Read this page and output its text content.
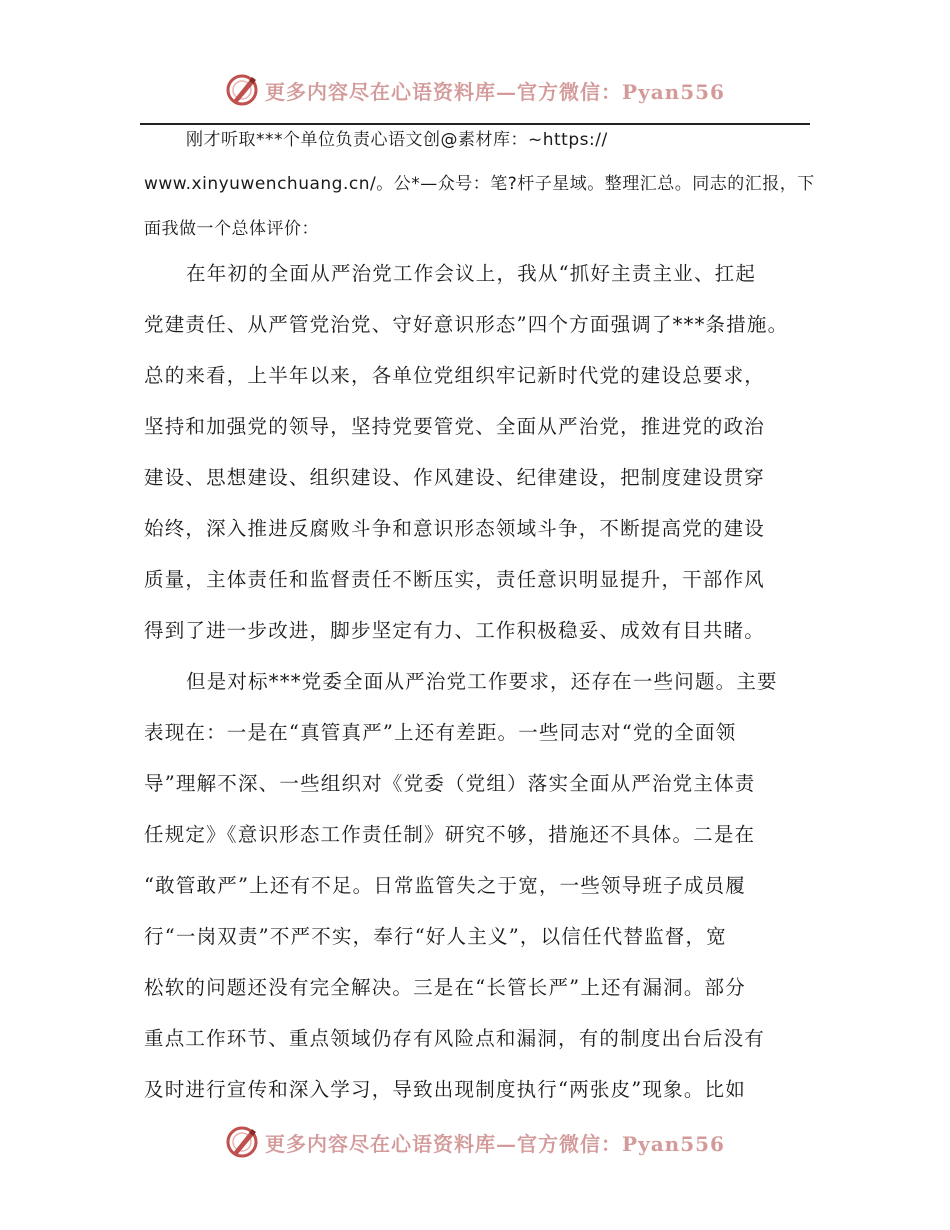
更多内容尽在心语资料库—官方微信：Pyan556
刚才听取***个单位负责心语文创@素材库：~https://
www.xinyuwenchuang.cn/。公*—众号：笔?杆子星域。整理汇总。同志的汇报，下
面我做一个总体评价：
在年初的全面从严治党工作会议上，我从“抓好主责主业、扛起
党建责任、从严管党治党、守好意识形态”四个方面强调了***条措施。
总的来看，上半年以来，各单位党组织牢记新时代党的建设总要求，
坚持和加强党的领导，坚持党要管党、全面从严治党，推进党的政治
建设、思想建设、组织建设、作风建设、纪律建设，把制度建设贯穿
始终，深入推进反腐败斗争和意识形态领域斗争，不断提高党的建设
质量，主体责任和监督责任不断压实，责任意识明显提升，干部作风
得到了进一步改进，脚步坚定有力、工作积极稳妥、成效有目共睹。
但是对标***党委全面从严治党工作要求，还存在一些问题。主要
表现在：一是在“真管真严”上还有差距。一些同志对“党的全面领
导”理解不深、一些组织对《党委（党组）落实全面从严治党主体责
任规定》《意识形态工作责任制》研究不够，措施还不具体。二是在
“敢管敢严”上还有不足。日常监管失之于宽，一些领导班子成员履
行“一岗双责”不严不实，奉行“好人主义”，以信任代替监督，宽
松软的问题还没有完全解决。三是在“长管长严”上还有漏洞。部分
重点工作环节、重点领域仍存有风险点和漏洞，有的制度出台后没有
及时进行宣传和深入学习，导致出现制度执行“两张皮”现象。比如
更多内容尽在心语资料库—官方微信：Pyan556
